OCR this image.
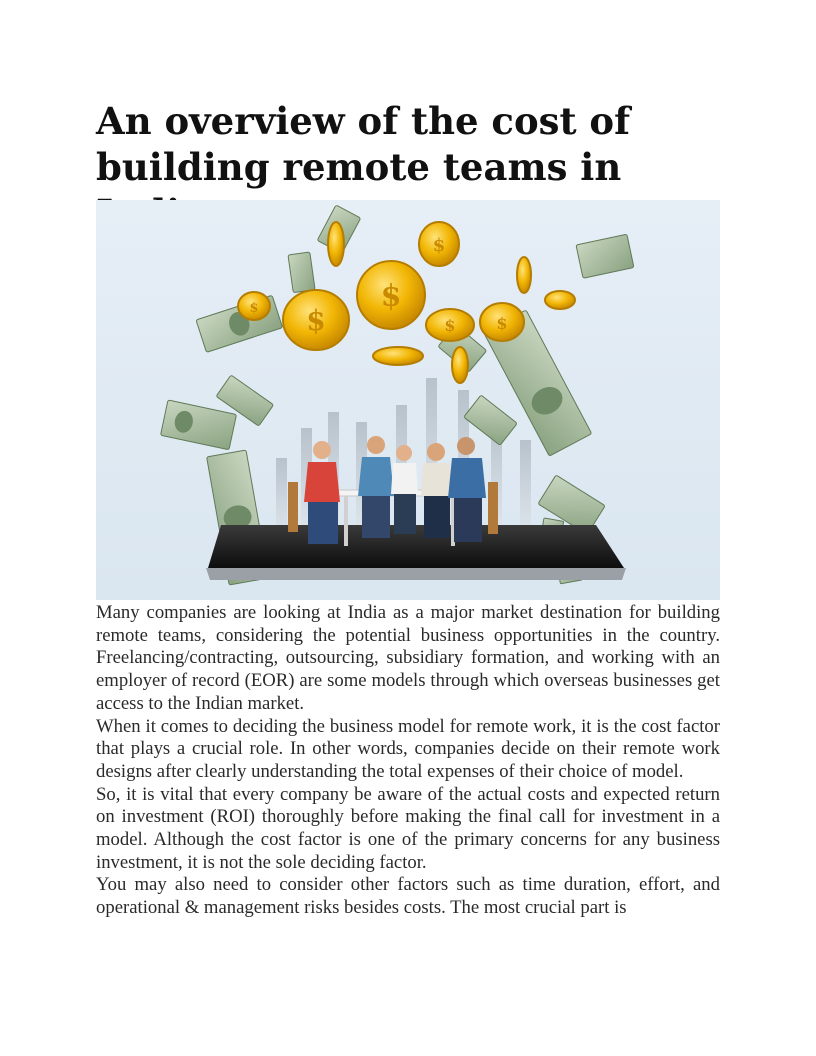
An overview of the cost of building remote teams in
$
$
$
$	$
$

Many companies are looking at India as a major market destination for building remote teams, considering the potential business opportunities in the country. Freelancing/contracting, outsourcing, subsidiary formation, and working with an employer of record (EOR) are some models through which overseas businesses get access to the Indian market.

When it comes to deciding the business model for remote work, it is the cost factor that plays a crucial role. In other words, companies decide on their remote work designs after clearly understanding the total expenses of their choice of model.

So, it is vital that every company be aware of the actual costs and expected return on investment (ROI) thoroughly before making the final call for investment in a model. Although the cost factor is one of the primary concerns for any business investment, it is not the sole deciding factor.

You may also need to consider other factors such as time duration, effort, and operational & management risks besides costs. The most crucial part is
